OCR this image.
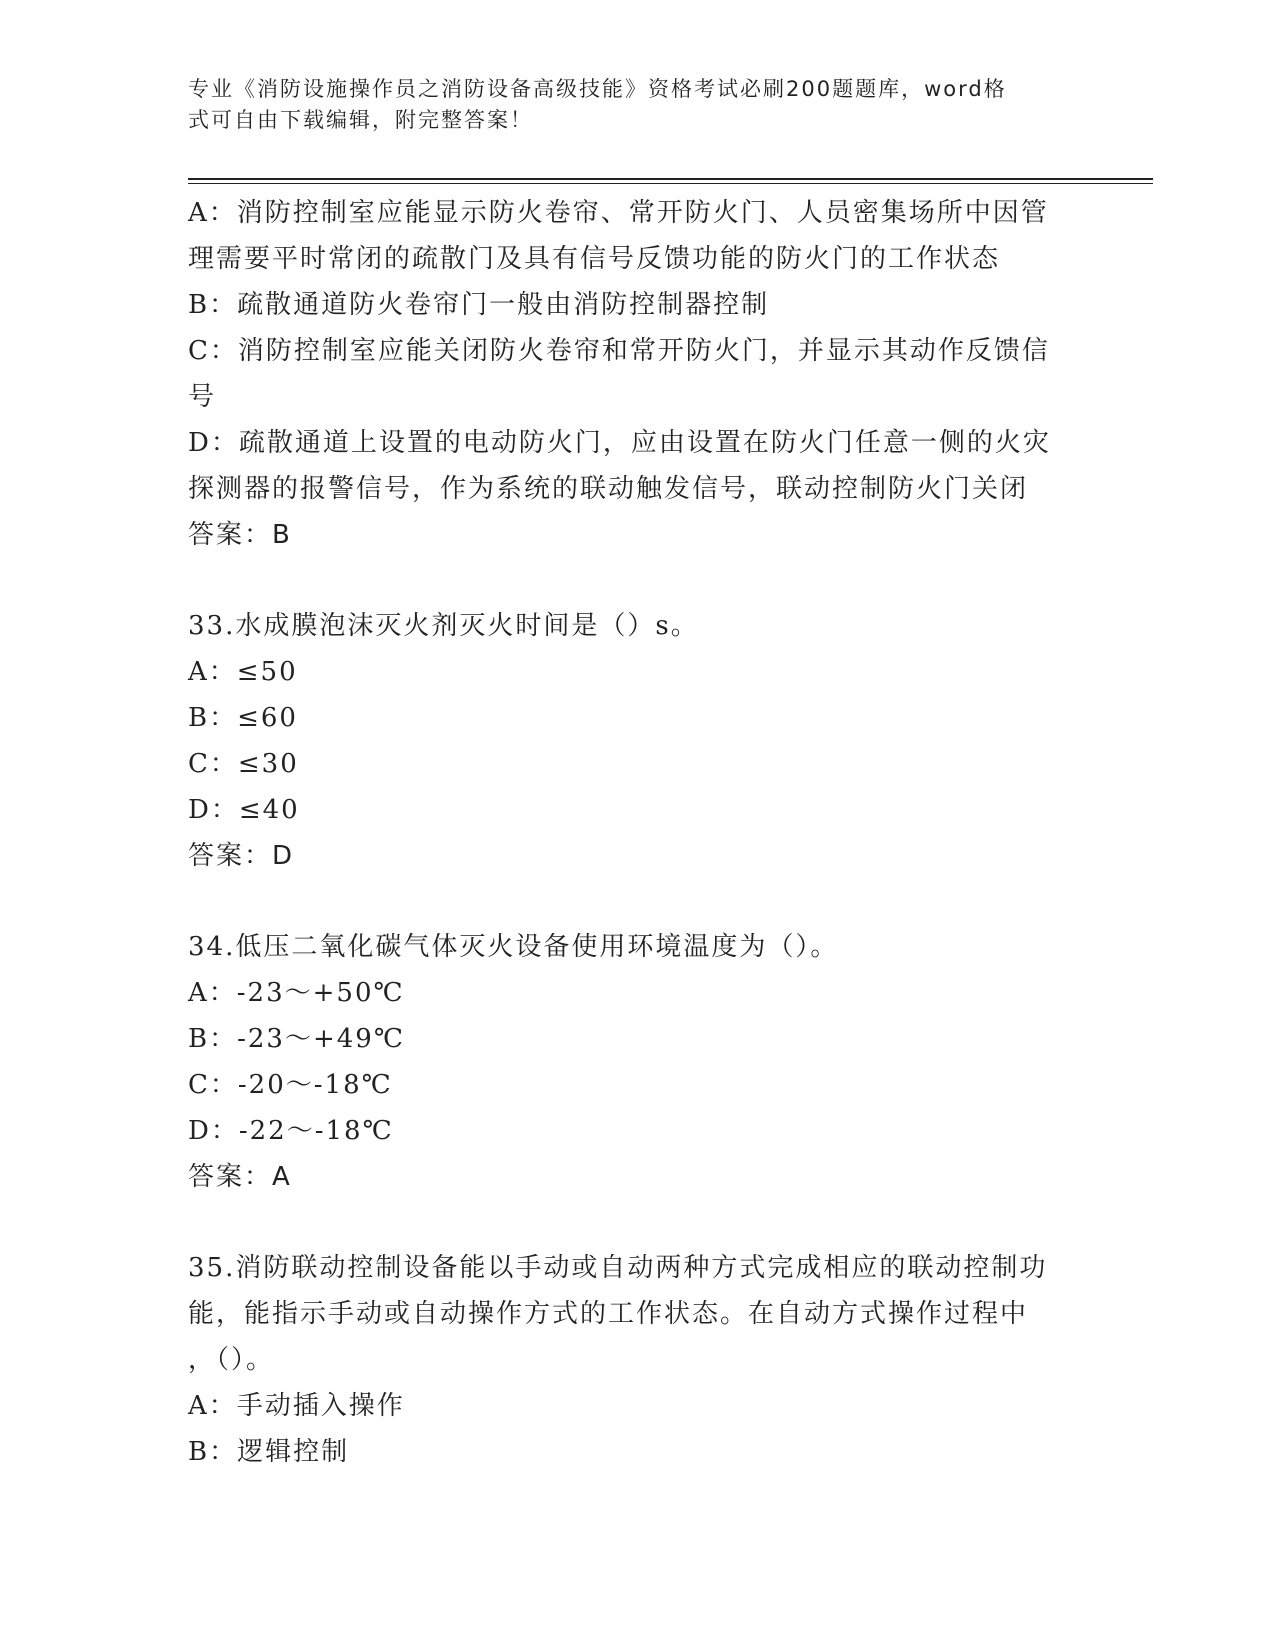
专业《消防设施操作员之消防设备高级技能》资格考试必刷200题题库，word格
式可自由下载编辑，附完整答案！
A：消防控制室应能显示防火卷帘、常开防火门、人员密集场所中因管
理需要平时常闭的疏散门及具有信号反馈功能的防火门的工作状态
B：疏散通道防火卷帘门一般由消防控制器控制
C：消防控制室应能关闭防火卷帘和常开防火门，并显示其动作反馈信
号
D：疏散通道上设置的电动防火门，应由设置在防火门任意一侧的火灾
探测器的报警信号，作为系统的联动触发信号，联动控制防火门关闭
答案：B
33.水成膜泡沫灭火剂灭火时间是（）s。
A：≤50
B：≤60
C：≤30
D：≤40
答案：D
34.低压二氧化碳气体灭火设备使用环境温度为（）。
A：-23～+50℃
B：-23～+49℃
C：-20～-18℃
D：-22～-18℃
答案：A
35.消防联动控制设备能以手动或自动两种方式完成相应的联动控制功
能，能指示手动或自动操作方式的工作状态。在自动方式操作过程中
，（）。
A：手动插入操作
B：逻辑控制
